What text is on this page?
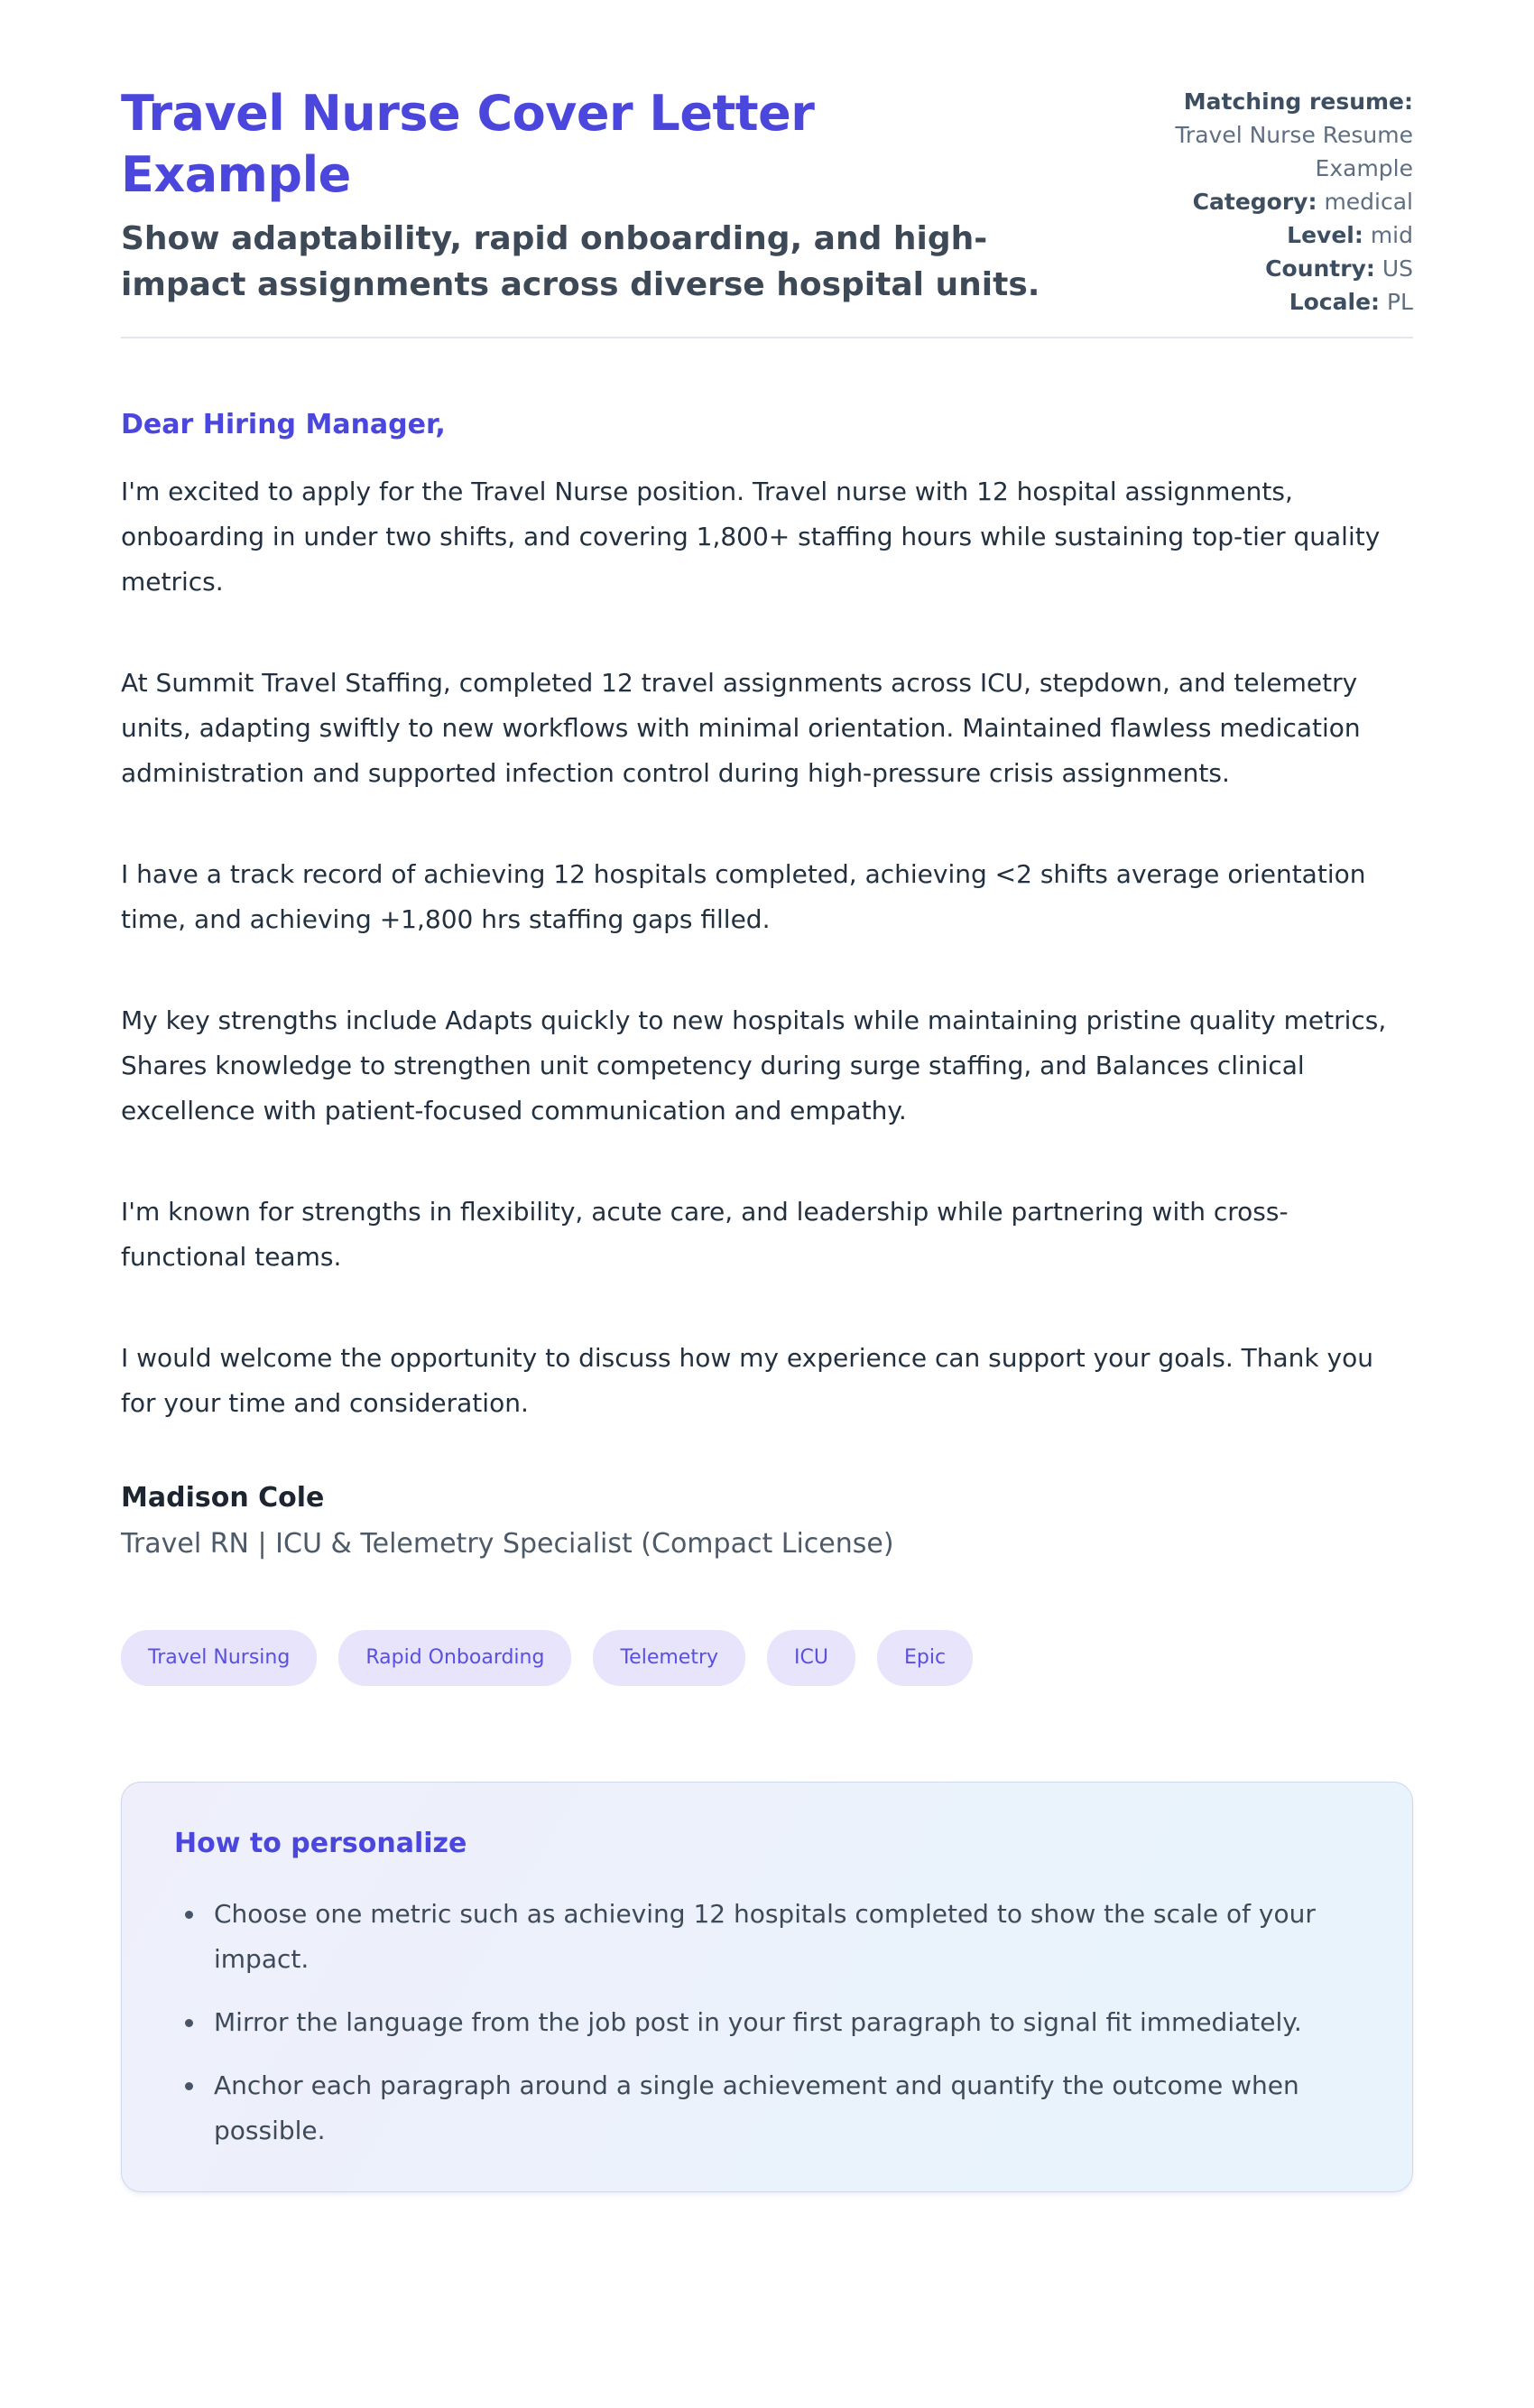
Travel Nurse Cover Letter Example
Show adaptability, rapid onboarding, and high-impact assignments across diverse hospital units.
Matching resume:
Travel Nurse Resume Example
Category: medical
Level: mid
Country: US
Locale: PL
Dear Hiring Manager,

I'm excited to apply for the Travel Nurse position. Travel nurse with 12 hospital assignments, onboarding in under two shifts, and covering 1,800+ staffing hours while sustaining top-tier quality metrics.

At Summit Travel Staffing, completed 12 travel assignments across ICU, stepdown, and telemetry units, adapting swiftly to new workflows with minimal orientation. Maintained flawless medication administration and supported infection control during high-pressure crisis assignments.

I have a track record of achieving 12 hospitals completed, achieving <2 shifts average orientation time, and achieving +1,800 hrs staffing gaps filled.

My key strengths include Adapts quickly to new hospitals while maintaining pristine quality metrics, Shares knowledge to strengthen unit competency during surge staffing, and Balances clinical excellence with patient-focused communication and empathy.

I'm known for strengths in flexibility, acute care, and leadership while partnering with cross-functional teams.

I would welcome the opportunity to discuss how my experience can support your goals. Thank you for your time and consideration.

Madison Cole
Travel RN | ICU & Telemetry Specialist (Compact License)
Travel Nursing	Rapid Onboarding	Telemetry	ICU	Epic
How to personalize
• Choose one metric such as achieving 12 hospitals completed to show the scale of your impact.
• Mirror the language from the job post in your first paragraph to signal fit immediately.
• Anchor each paragraph around a single achievement and quantify the outcome when possible.
